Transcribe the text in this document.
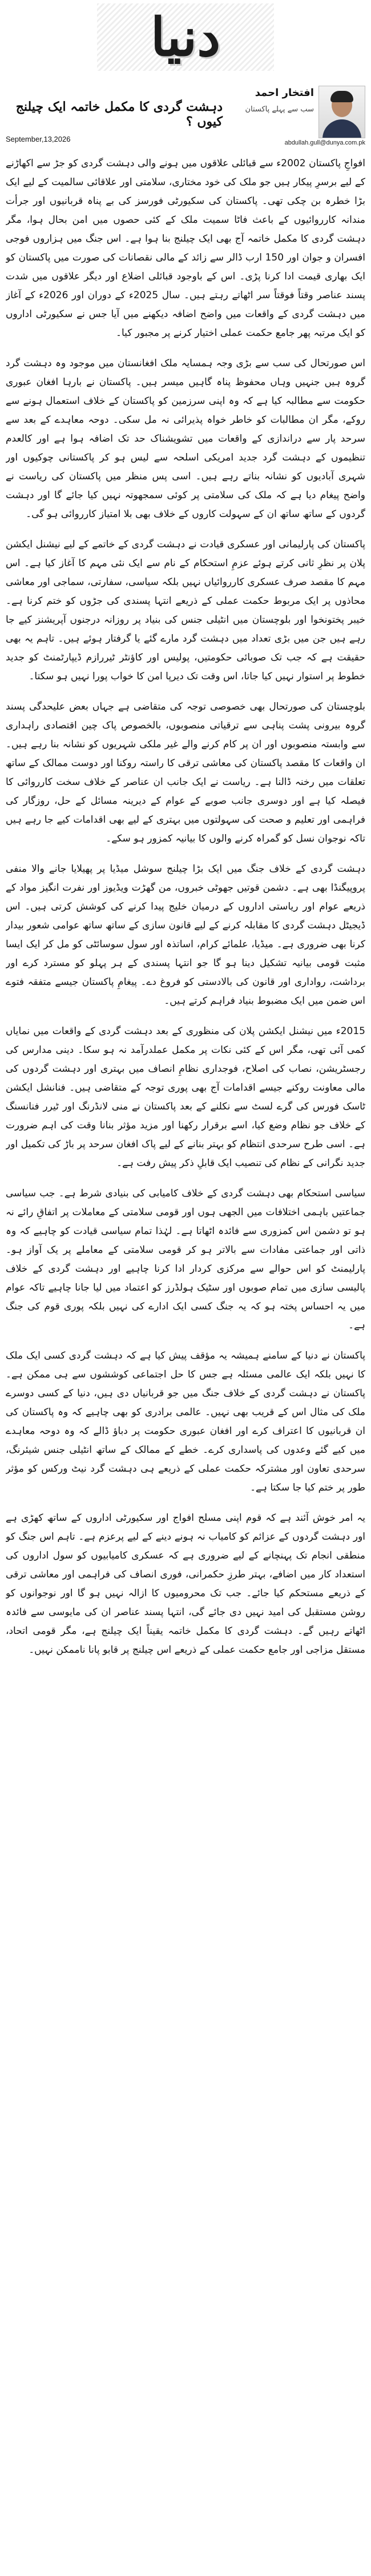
دنیا
افتخار احمد
سب سے پہلے پاکستان
دہشت گردی کا مکمل خاتمہ ایک چیلنج کیوں ؟
abdullah.gull@dunya.com.pk
September,13,2026

افواجِ پاکستان 2002ء سے قبائلی علاقوں میں ہونے والی دہشت گردی کو جڑ سے اکھاڑنے کے لیے برسرِ پیکار ہیں جو ملک کی خود مختاری، سلامتی اور علاقائی سالمیت کے لیے ایک بڑا خطرہ بن چکی تھی۔ پاکستان کی سکیورٹی فورسز کی بے پناہ قربانیوں اور جرأت مندانہ کارروائیوں کے باعث فاٹا سمیت ملک کے کئی حصوں میں امن بحال ہوا، مگر دہشت گردی کا مکمل خاتمہ آج بھی ایک چیلنج بنا ہوا ہے۔ اس جنگ میں ہزاروں فوجی افسران و جوان اور 150 ارب ڈالر سے زائد کے مالی نقصانات کی صورت میں پاکستان کو ایک بھاری قیمت ادا کرنا پڑی۔ اس کے باوجود قبائلی اضلاع اور دیگر علاقوں میں شدت پسند عناصر وقتاً فوقتاً سر اٹھاتے رہتے ہیں۔ سال 2025ء کے دوران اور 2026ء کے آغاز میں دہشت گردی کے واقعات میں واضح اضافہ دیکھنے میں آیا جس نے سکیورٹی اداروں کو ایک مرتبہ پھر جامع حکمت عملی اختیار کرنے پر مجبور کیا۔

اس صورتحال کی سب سے بڑی وجہ ہمسایہ ملک افغانستان میں موجود وہ دہشت گرد گروہ ہیں جنہیں وہاں محفوظ پناہ گاہیں میسر ہیں۔ پاکستان نے بارہا افغان عبوری حکومت سے مطالبہ کیا ہے کہ وہ اپنی سرزمین کو پاکستان کے خلاف استعمال ہونے سے روکے، مگر ان مطالبات کو خاطر خواہ پذیرائی نہ مل سکی۔ دوحہ معاہدے کے بعد سے سرحد پار سے دراندازی کے واقعات میں تشویشناک حد تک اضافہ ہوا ہے اور کالعدم تنظیموں کے دہشت گرد جدید امریکی اسلحہ سے لیس ہو کر پاکستانی چوکیوں اور شہری آبادیوں کو نشانہ بناتے رہے ہیں۔ اسی پس منظر میں پاکستان کی ریاست نے واضح پیغام دیا ہے کہ ملک کی سلامتی پر کوئی سمجھوتہ نہیں کیا جائے گا اور دہشت گردوں کے ساتھ ساتھ ان کے سہولت کاروں کے خلاف بھی بلا امتیاز کارروائی ہو گی۔

پاکستان کی پارلیمانی اور عسکری قیادت نے دہشت گردی کے خاتمے کے لیے نیشنل ایکشن پلان پر نظرِ ثانی کرتے ہوئے عزمِ استحکام کے نام سے ایک نئی مہم کا آغاز کیا ہے۔ اس مہم کا مقصد صرف عسکری کارروائیاں نہیں بلکہ سیاسی، سفارتی، سماجی اور معاشی محاذوں پر ایک مربوط حکمت عملی کے ذریعے انتہا پسندی کی جڑوں کو ختم کرنا ہے۔ خیبر پختونخوا اور بلوچستان میں انٹیلی جنس کی بنیاد پر روزانہ درجنوں آپریشنز کیے جا رہے ہیں جن میں بڑی تعداد میں دہشت گرد مارے گئے یا گرفتار ہوئے ہیں۔ تاہم یہ بھی حقیقت ہے کہ جب تک صوبائی حکومتیں، پولیس اور کاؤنٹر ٹیررازم ڈیپارٹمنٹ کو جدید خطوط پر استوار نہیں کیا جاتا، اس وقت تک دیرپا امن کا خواب پورا نہیں ہو سکتا۔

بلوچستان کی صورتحال بھی خصوصی توجہ کی متقاضی ہے جہاں بعض علیحدگی پسند گروہ بیرونی پشت پناہی سے ترقیاتی منصوبوں، بالخصوص پاک چین اقتصادی راہداری سے وابستہ منصوبوں اور ان پر کام کرنے والے غیر ملکی شہریوں کو نشانہ بنا رہے ہیں۔ ان واقعات کا مقصد پاکستان کی معاشی ترقی کا راستہ روکنا اور دوست ممالک کے ساتھ تعلقات میں رخنہ ڈالنا ہے۔ ریاست نے ایک جانب ان عناصر کے خلاف سخت کارروائی کا فیصلہ کیا ہے اور دوسری جانب صوبے کے عوام کے دیرینہ مسائل کے حل، روزگار کی فراہمی اور تعلیم و صحت کی سہولتوں میں بہتری کے لیے بھی اقدامات کیے جا رہے ہیں تاکہ نوجوان نسل کو گمراہ کرنے والوں کا بیانیہ کمزور ہو سکے۔

دہشت گردی کے خلاف جنگ میں ایک بڑا چیلنج سوشل میڈیا پر پھیلایا جانے والا منفی پروپیگنڈا بھی ہے۔ دشمن قوتیں جھوٹی خبروں، من گھڑت ویڈیوز اور نفرت انگیز مواد کے ذریعے عوام اور ریاستی اداروں کے درمیان خلیج پیدا کرنے کی کوشش کرتی ہیں۔ اس ڈیجیٹل دہشت گردی کا مقابلہ کرنے کے لیے قانون سازی کے ساتھ ساتھ عوامی شعور بیدار کرنا بھی ضروری ہے۔ میڈیا، علمائے کرام، اساتذہ اور سول سوسائٹی کو مل کر ایک ایسا مثبت قومی بیانیہ تشکیل دینا ہو گا جو انتہا پسندی کے ہر پہلو کو مسترد کرے اور برداشت، رواداری اور قانون کی بالادستی کو فروغ دے۔ پیغامِ پاکستان جیسے متفقہ فتوے اس ضمن میں ایک مضبوط بنیاد فراہم کرتے ہیں۔

2015ء میں نیشنل ایکشن پلان کی منظوری کے بعد دہشت گردی کے واقعات میں نمایاں کمی آئی تھی، مگر اس کے کئی نکات پر مکمل عملدرآمد نہ ہو سکا۔ دینی مدارس کی رجسٹریشن، نصاب کی اصلاح، فوجداری نظامِ انصاف میں بہتری اور دہشت گردوں کی مالی معاونت روکنے جیسے اقدامات آج بھی پوری توجہ کے متقاضی ہیں۔ فنانشل ایکشن ٹاسک فورس کی گرے لسٹ سے نکلنے کے بعد پاکستان نے منی لانڈرنگ اور ٹیرر فنانسنگ کے خلاف جو نظام وضع کیا، اسے برقرار رکھنا اور مزید مؤثر بنانا وقت کی اہم ضرورت ہے۔ اسی طرح سرحدی انتظام کو بہتر بنانے کے لیے پاک افغان سرحد پر باڑ کی تکمیل اور جدید نگرانی کے نظام کی تنصیب ایک قابلِ ذکر پیش رفت ہے۔

سیاسی استحکام بھی دہشت گردی کے خلاف کامیابی کی بنیادی شرط ہے۔ جب سیاسی جماعتیں باہمی اختلافات میں الجھی ہوں اور قومی سلامتی کے معاملات پر اتفاقِ رائے نہ ہو تو دشمن اس کمزوری سے فائدہ اٹھاتا ہے۔ لہٰذا تمام سیاسی قیادت کو چاہیے کہ وہ ذاتی اور جماعتی مفادات سے بالاتر ہو کر قومی سلامتی کے معاملے پر یک آواز ہو۔ پارلیمنٹ کو اس حوالے سے مرکزی کردار ادا کرنا چاہیے اور دہشت گردی کے خلاف پالیسی سازی میں تمام صوبوں اور سٹیک ہولڈرز کو اعتماد میں لیا جانا چاہیے تاکہ عوام میں یہ احساس پختہ ہو کہ یہ جنگ کسی ایک ادارے کی نہیں بلکہ پوری قوم کی جنگ ہے۔

پاکستان نے دنیا کے سامنے ہمیشہ یہ مؤقف پیش کیا ہے کہ دہشت گردی کسی ایک ملک کا نہیں بلکہ ایک عالمی مسئلہ ہے جس کا حل اجتماعی کوششوں سے ہی ممکن ہے۔ پاکستان نے دہشت گردی کے خلاف جنگ میں جو قربانیاں دی ہیں، دنیا کے کسی دوسرے ملک کی مثال اس کے قریب بھی نہیں۔ عالمی برادری کو بھی چاہیے کہ وہ پاکستان کی ان قربانیوں کا اعتراف کرے اور افغان عبوری حکومت پر دباؤ ڈالے کہ وہ دوحہ معاہدے میں کیے گئے وعدوں کی پاسداری کرے۔ خطے کے ممالک کے ساتھ انٹیلی جنس شیئرنگ، سرحدی تعاون اور مشترکہ حکمت عملی کے ذریعے ہی دہشت گرد نیٹ ورکس کو مؤثر طور پر ختم کیا جا سکتا ہے۔

یہ امر خوش آئند ہے کہ قوم اپنی مسلح افواج اور سکیورٹی اداروں کے ساتھ کھڑی ہے اور دہشت گردوں کے عزائم کو کامیاب نہ ہونے دینے کے لیے پرعزم ہے۔ تاہم اس جنگ کو منطقی انجام تک پہنچانے کے لیے ضروری ہے کہ عسکری کامیابیوں کو سول اداروں کی استعداد کار میں اضافے، بہتر طرزِ حکمرانی، فوری انصاف کی فراہمی اور معاشی ترقی کے ذریعے مستحکم کیا جائے۔ جب تک محرومیوں کا ازالہ نہیں ہو گا اور نوجوانوں کو روشن مستقبل کی امید نہیں دی جائے گی، انتہا پسند عناصر ان کی مایوسی سے فائدہ اٹھاتے رہیں گے۔ دہشت گردی کا مکمل خاتمہ یقیناً ایک چیلنج ہے، مگر قومی اتحاد، مستقل مزاجی اور جامع حکمت عملی کے ذریعے اس چیلنج پر قابو پانا ناممکن نہیں۔
